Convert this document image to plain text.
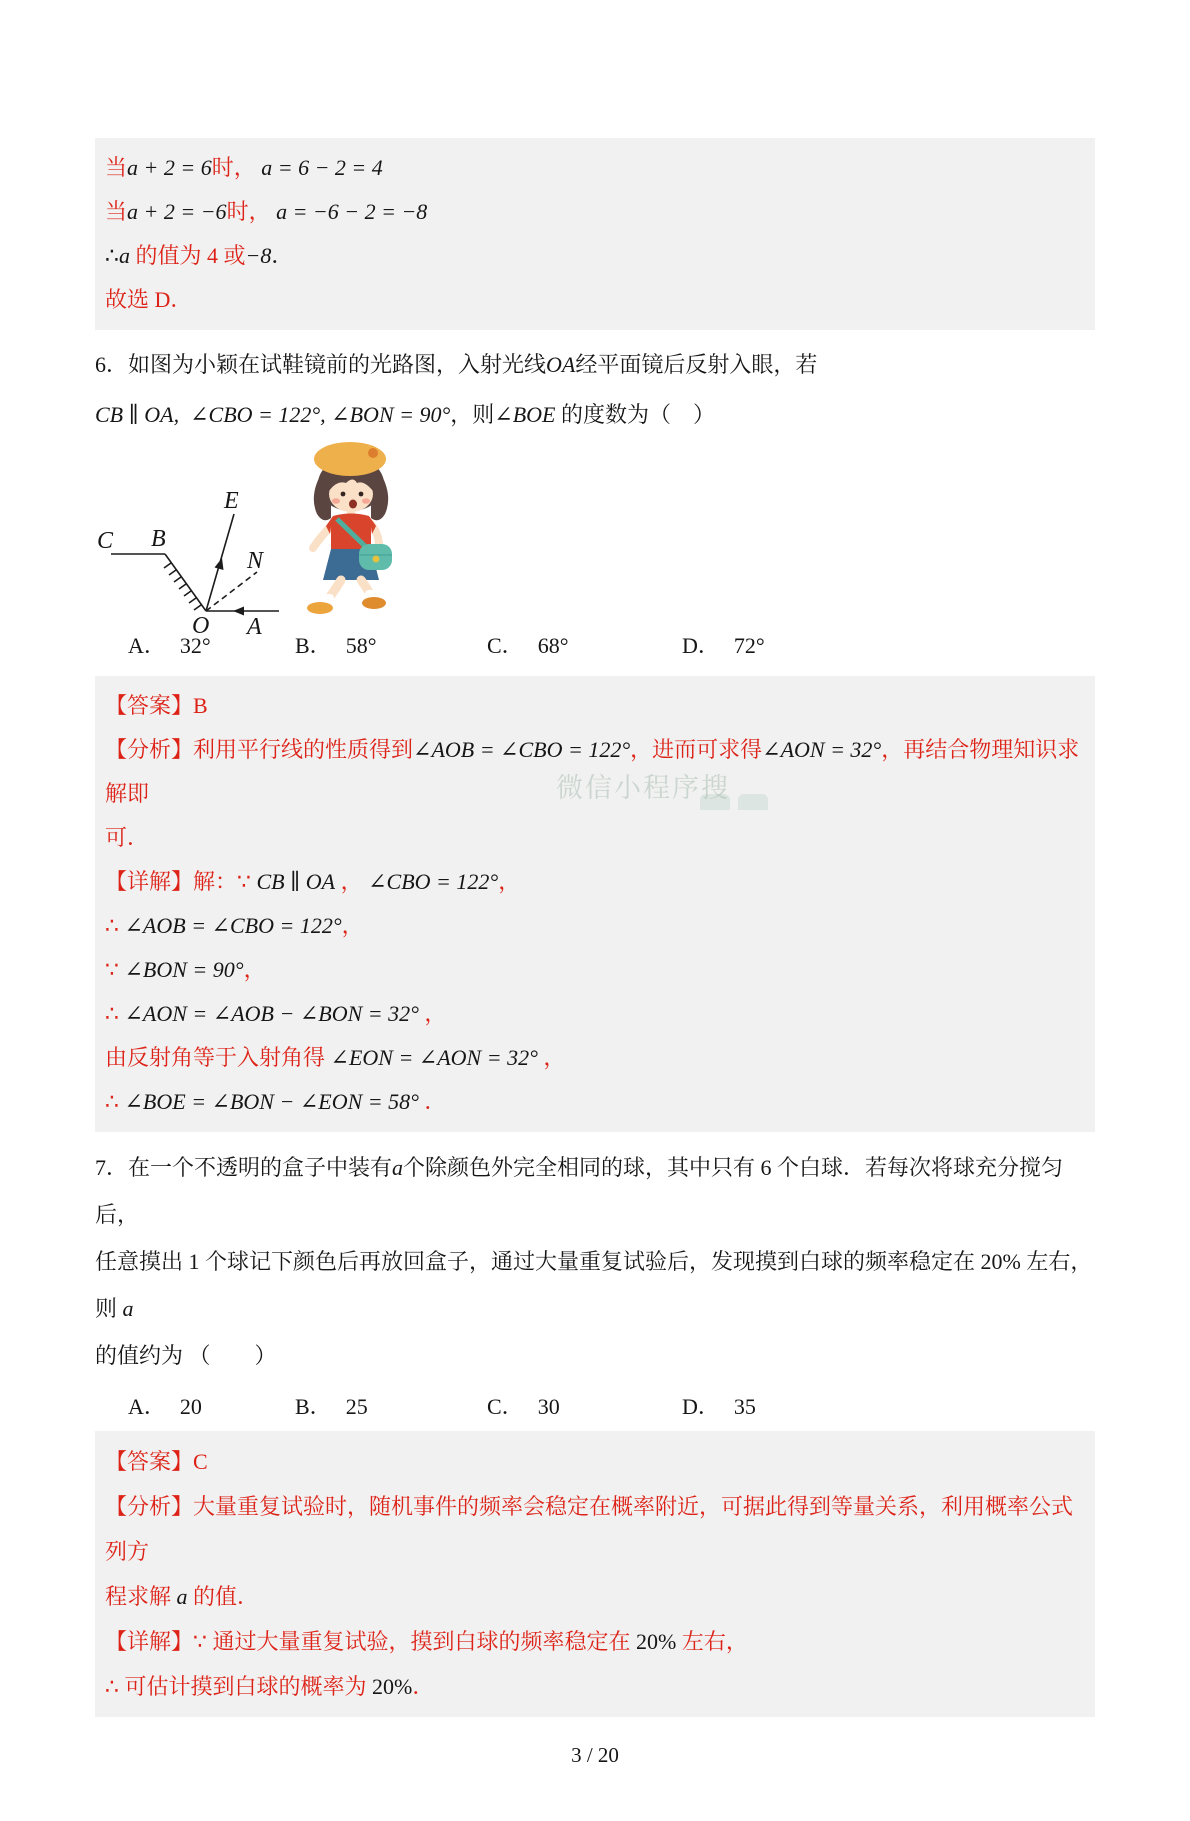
微信小程序搜
当a + 2 = 6时， a = 6 − 2 = 4
当a + 2 = −6时， a = −6 − 2 = −8
∴a 的值为 4 或−8．
故选 D．
6．如图为小颖在试鞋镜前的光路图，入射光线OA经平面镜后反射入眼，若
CB ∥ OA,  ∠CBO = 122°, ∠BON = 90°，则∠BOE 的度数为（　）
C B
E
N
O A
A． 32°	B． 58°	C． 68°	D． 72°
【答案】B
【分析】利用平行线的性质得到∠AOB = ∠CBO = 122°，进而可求得∠AON = 32°，再结合物理知识求解即
可．
【详解】解：∵ CB ∥ OA ， ∠CBO = 122°，
∴ ∠AOB = ∠CBO = 122°，
∵ ∠BON = 90°，
∴ ∠AON = ∠AOB − ∠BON = 32° ，
由反射角等于入射角得 ∠EON = ∠AON = 32° ，
∴ ∠BOE = ∠BON − ∠EON = 58° ．
7．在一个不透明的盒子中装有a个除颜色外完全相同的球，其中只有 6 个白球．若每次将球充分搅匀后，
任意摸出 1 个球记下颜色后再放回盒子，通过大量重复试验后，发现摸到白球的频率稳定在 20% 左右，则 a
的值约为 （　　）
A． 20	B． 25	C． 30	D． 35
【答案】C
【分析】大量重复试验时，随机事件的频率会稳定在概率附近，可据此得到等量关系，利用概率公式列方
程求解 a 的值．
【详解】∵ 通过大量重复试验，摸到白球的频率稳定在 20% 左右，
∴ 可估计摸到白球的概率为 20%．
3 / 20
